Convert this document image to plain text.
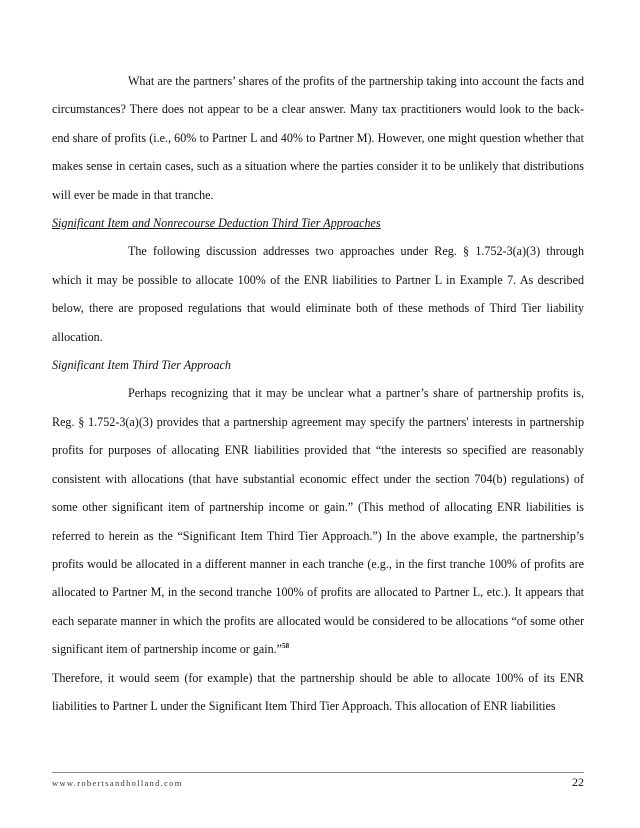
What are the partners’ shares of the profits of the partnership taking into account the facts and circumstances? There does not appear to be a clear answer. Many tax practitioners would look to the back-end share of profits (i.e., 60% to Partner L and 40% to Partner M). However, one might question whether that makes sense in certain cases, such as a situation where the parties consider it to be unlikely that distributions will ever be made in that tranche.

Significant Item and Nonrecourse Deduction Third Tier Approaches

The following discussion addresses two approaches under Reg. § 1.752-3(a)(3) through which it may be possible to allocate 100% of the ENR liabilities to Partner L in Example 7. As described below, there are proposed regulations that would eliminate both of these methods of Third Tier liability allocation.

Significant Item Third Tier Approach

Perhaps recognizing that it may be unclear what a partner’s share of partnership profits is, Reg. § 1.752-3(a)(3) provides that a partnership agreement may specify the partners' interests in partnership profits for purposes of allocating ENR liabilities provided that “the interests so specified are reasonably consistent with allocations (that have substantial economic effect under the section 704(b) regulations) of some other significant item of partnership income or gain.” (This method of allocating ENR liabilities is referred to herein as the “Significant Item Third Tier Approach.”) In the above example, the partnership’s profits would be allocated in a different manner in each tranche (e.g., in the first tranche 100% of profits are allocated to Partner M, in the second tranche 100% of profits are allocated to Partner L, etc.). It appears that each separate manner in which the profits are allocated would be considered to be allocations “of some other significant item of partnership income or gain.”$^{58}$
Therefore, it would seem (for example) that the partnership should be able to allocate 100% of its ENR liabilities to Partner L under the Significant Item Third Tier Approach. This allocation of ENR liabilities

www.robertsandholland.com	22
